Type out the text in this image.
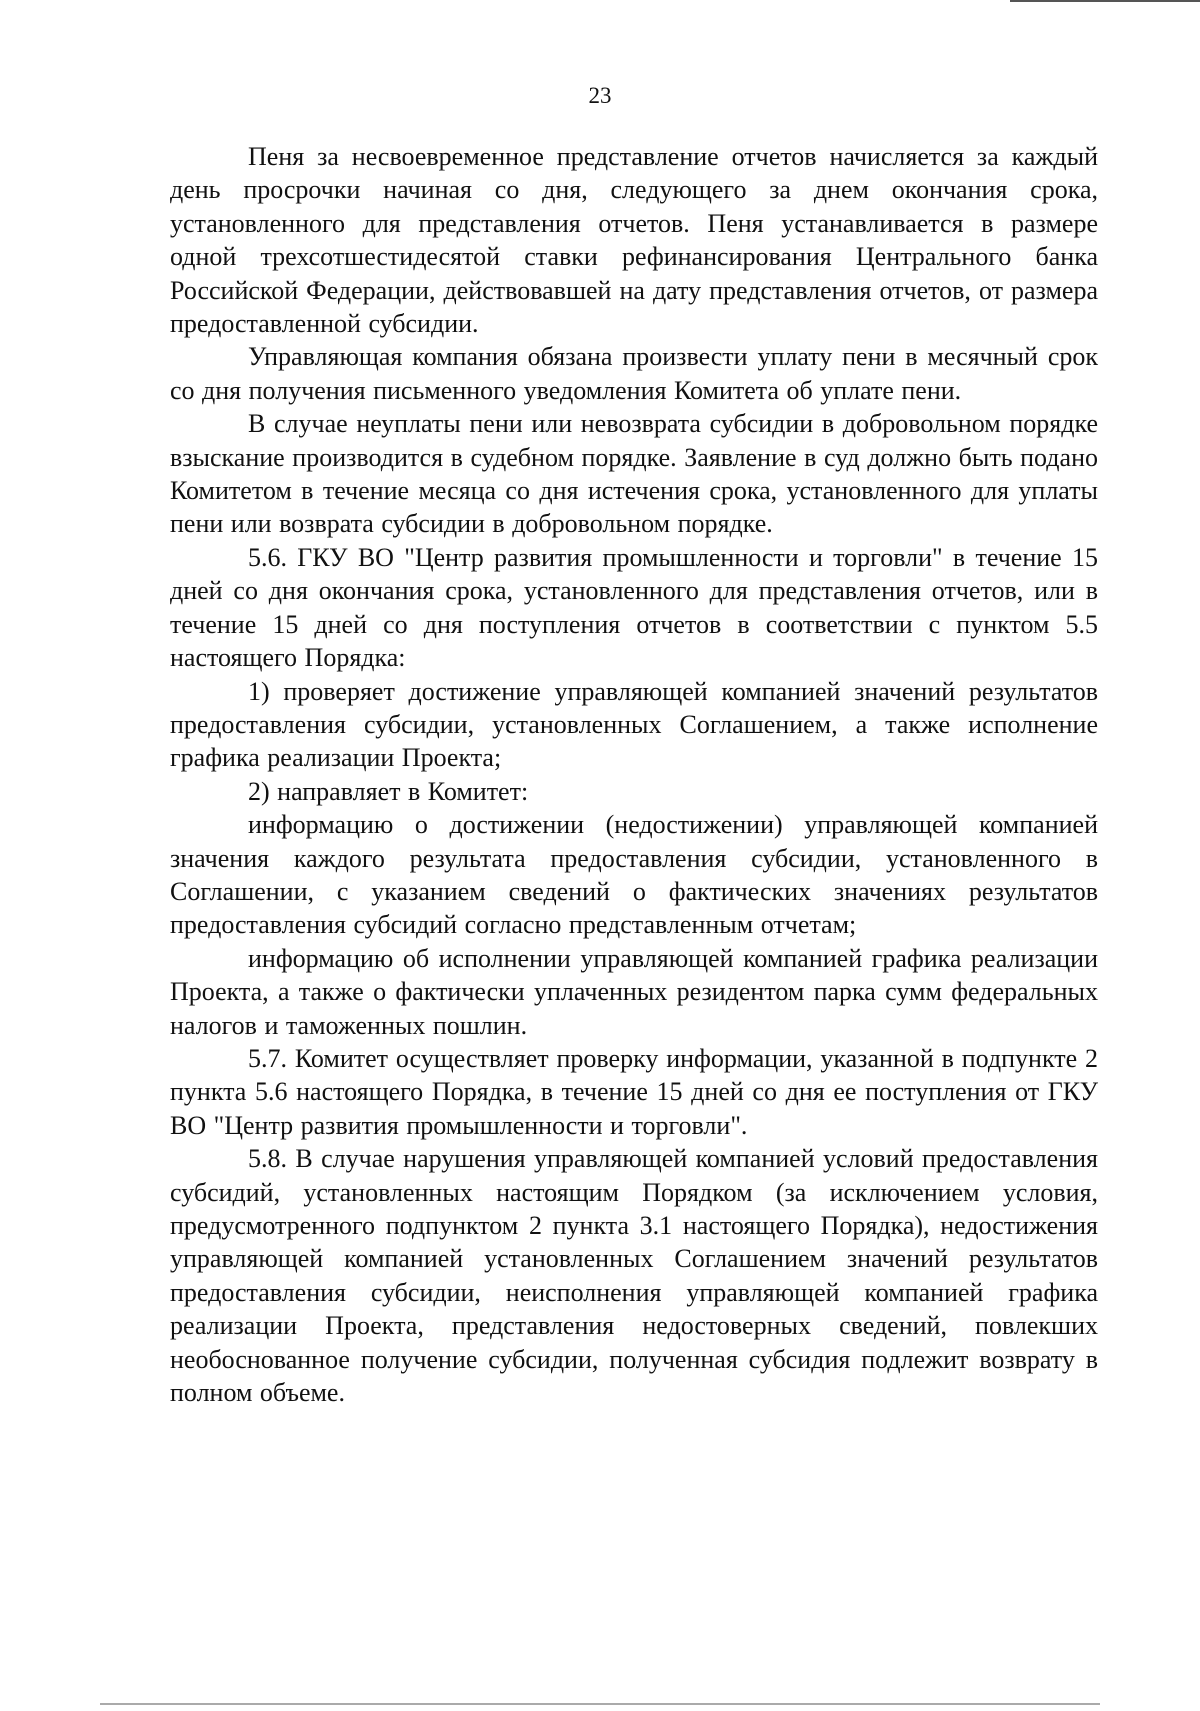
23

Пеня за несвоевременное представление отчетов начисляется за каждый день просрочки начиная со дня, следующего за днем окончания срока, установленного для представления отчетов. Пеня устанавливается в размере одной трехсотшестидесятой ставки рефинансирования Центрального банка Российской Федерации, действовавшей на дату представления отчетов, от размера предоставленной субсидии.

Управляющая компания обязана произвести уплату пени в месячный срок со дня получения письменного уведомления Комитета об уплате пени.

В случае неуплаты пени или невозврата субсидии в добровольном порядке взыскание производится в судебном порядке. Заявление в суд должно быть подано Комитетом в течение месяца со дня истечения срока, установленного для уплаты пени или возврата субсидии в добровольном порядке.

5.6. ГКУ ВО "Центр развития промышленности и торговли" в течение 15 дней со дня окончания срока, установленного для представления отчетов, или в течение 15 дней со дня поступления отчетов в соответствии с пунктом 5.5 настоящего Порядка:

1) проверяет достижение управляющей компанией значений результатов предоставления субсидии, установленных Соглашением, а также исполнение графика реализации Проекта;

2) направляет в Комитет:

информацию о достижении (недостижении) управляющей компанией значения каждого результата предоставления субсидии, установленного в Соглашении, с указанием сведений о фактических значениях результатов предоставления субсидий согласно представленным отчетам;

информацию об исполнении управляющей компанией графика реализации Проекта, а также о фактически уплаченных резидентом парка сумм федеральных налогов и таможенных пошлин.

5.7. Комитет осуществляет проверку информации, указанной в подпункте 2 пункта 5.6 настоящего Порядка, в течение 15 дней со дня ее поступления от ГКУ ВО "Центр развития промышленности и торговли".

5.8. В случае нарушения управляющей компанией условий предоставления субсидий, установленных настоящим Порядком (за исключением условия, предусмотренного подпунктом 2 пункта 3.1 настоящего Порядка), недостижения управляющей компанией установленных Соглашением значений результатов предоставления субсидии, неисполнения управляющей компанией графика реализации Проекта, представления недостоверных сведений, повлекших необоснованное получение субсидии, полученная субсидия подлежит возврату в полном объеме.
